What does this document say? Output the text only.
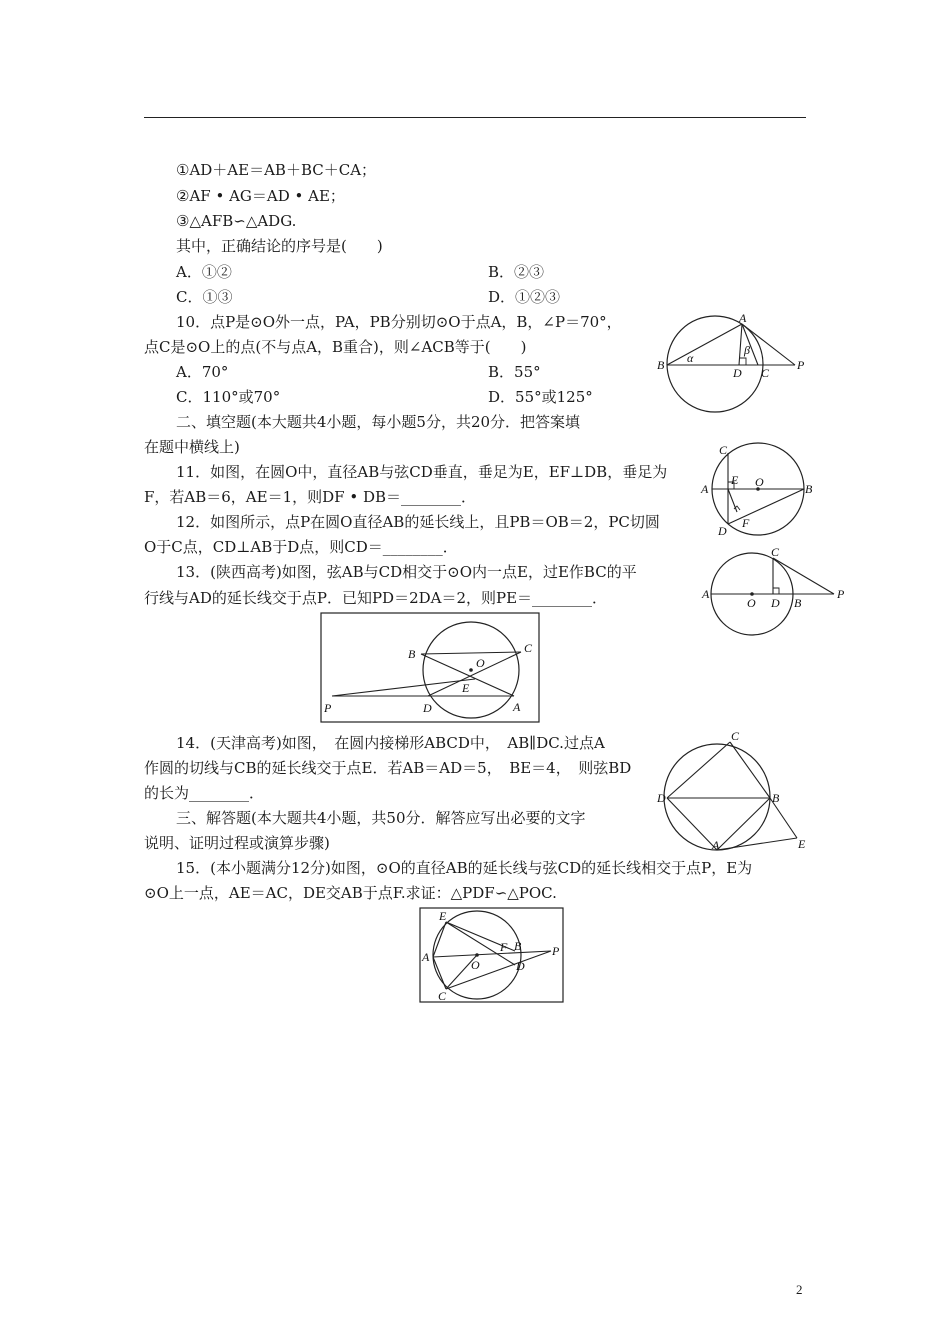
①AD＋AE＝AB＋BC＋CA；
②AF • AG＝AD • AE；
③△AFB∽△ADG.
其中，正确结论的序号是(　　)
A．①②	B．②③
C．①③	D．①②③
10．点P是⊙O外一点，PA，PB分别切⊙O于点A，B，∠P＝70°，
点C是⊙O上的点(不与点A，B重合)，则∠ACB等于(　　)
A．70°	B．55°
C．110°或70°	D．55°或125°
A
B
D C
P
α
β
二、填空题(本大题共4小题，每小题5分，共20分．把答案填
在题中横线上)
A	B
C
D
E
F
O
11．如图，在圆O中，直径AB与弦CD垂直，垂足为E，EF⊥DB，垂足为
F，若AB＝6，AE＝1，则DF • DB＝________．
12．如图所示，点P在圆O直径AB的延长线上，且PB＝OB＝2，PC切圆
O于C点，CD⊥AB于D点，则CD＝________．
A
C
O D B
P
13．(陕西高考)如图，弦AB与CD相交于⊙O内一点E，过E作BC的平
行线与AD的延长线交于点P．已知PD＝2DA＝2，则PE＝________．
B	C
O
E
P	D	A
14．(天津高考)如图，　在圆内接梯形ABCD中，　AB∥DC.过点A
作圆的切线与CB的延长线交于点E．若AB＝AD＝5，　BE＝4，　则弦BD
的长为________．
C
D	B
E
A
三、解答题(本大题共4小题，共50分．解答应写出必要的文字
说明、证明过程或演算步骤)
15．(本小题满分12分)如图，⊙O的直径AB的延长线与弦CD的延长线相交于点P，E为
⊙O上一点，AE＝AC，DE交AB于点F.求证：△PDF∽△POC.
E
A
O
F B
D
P
C
2
